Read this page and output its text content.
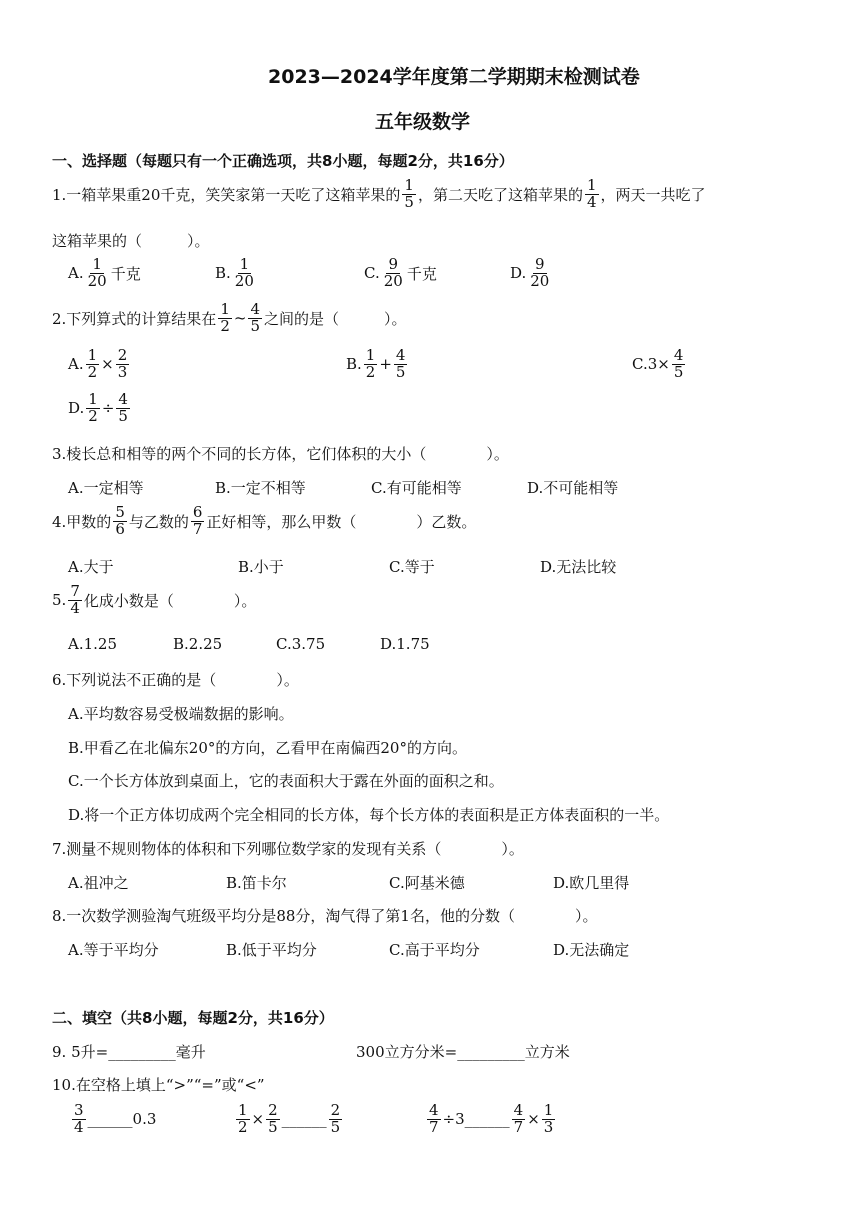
2023—2024学年度第二学期期末检测试卷
五年级数学
一、选择题（每题只有一个正确选项，共8小题，每题2分，共16分）
1.一箱苹果重20千克，笑笑家第一天吃了这箱苹果的 $\frac{1}{5}$ ，第二天吃了这箱苹果的 $\frac{1}{4}$ ，两天一共吃了
这箱苹果的（　　　）。
A. $\frac{1}{20}$ 千克	B. $\frac{1}{20}$	C. $\frac{9}{20}$ 千克	D. $\frac{9}{20}$
2.下列算式的计算结果在 $\frac{1}{2}$ ~ $\frac{4}{5}$ 之间的是（　　　）。
A. $\frac{1}{2} \times \frac{2}{3}$	B. $\frac{1}{2} + \frac{4}{5}$	$C.3\times \frac{4}{5}$
D. $\frac{1}{2} \div \frac{4}{5}$
3.棱长总和相等的两个不同的长方体，它们体积的大小（　　　　）。
A.一定相等	B.一定不相等	C.有可能相等	D.不可能相等
4.甲数的 $\frac{5}{6}$ 与乙数的 $\frac{6}{7}$ 正好相等，那么甲数（　　　　）乙数。
A.大于	B.小于	C.等于	D.无法比较
5. $\frac{7}{4}$ 化成小数是（　　　　）。
A.1.25	B.2.25	C.3.75	D.1.75
6.下列说法不正确的是（　　　　）。
A.平均数容易受极端数据的影响。
B.甲看乙在北偏东20°的方向，乙看甲在南偏西20°的方向。
C.一个长方体放到桌面上，它的表面积大于露在外面的面积之和。
D.将一个正方体切成两个完全相同的长方体，每个长方体的表面积是正方体表面积的一半。
7.测量不规则物体的体积和下列哪位数学家的发现有关系（　　　　）。
A.祖冲之	B.笛卡尔	C.阿基米德	D.欧几里得
8.一次数学测验淘气班级平均分是88分，淘气得了第1名，他的分数（　　　　）。
A.等于平均分	B.低于平均分	C.高于平均分	D.无法确定
二、填空（共8小题，每题2分，共16分）
9. 5升=_________毫升	300立方分米=_________立方米
10.在空格上填上“>”“=”或“<”
$\frac{3}{4}$ ______0.3	$\frac{1}{2} \times \frac{2}{5}$ ______ $\frac{2}{5}$	$\frac{4}{7} \div 3$ ______ $\frac{4}{7} \times \frac{1}{3}$
